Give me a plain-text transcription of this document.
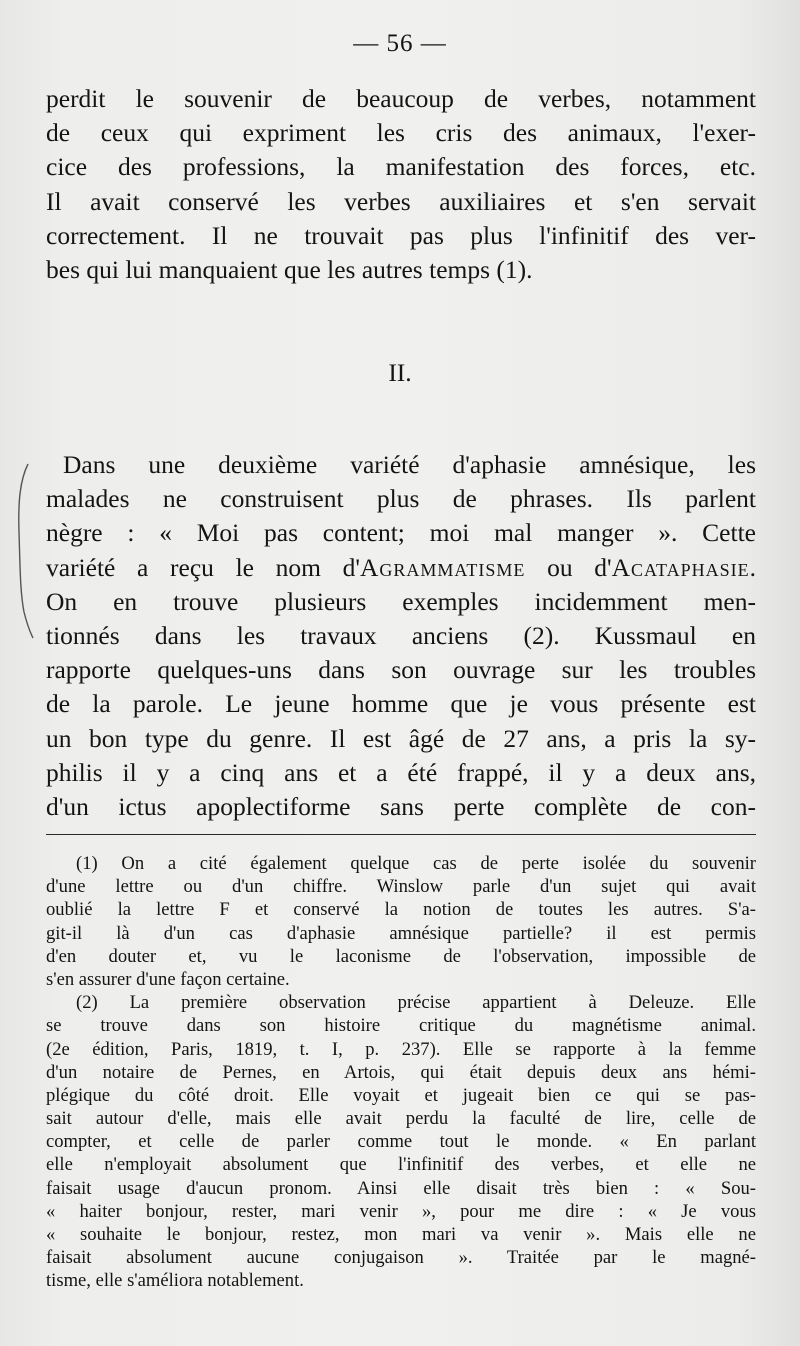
— 56 —

perdit le souvenir de beaucoup de verbes, notamment
de ceux qui expriment les cris des animaux, l'exer-
cice des professions, la manifestation des forces, etc.
Il avait conservé les verbes auxiliaires et s'en servait
correctement. Il ne trouvait pas plus l'infinitif des ver-
bes qui lui manquaient que les autres temps (1).

II.

Dans une deuxième variété d'aphasie amnésique, les
malades ne construisent plus de phrases. Ils parlent
nègre : « Moi pas content; moi mal manger ». Cette
variété a reçu le nom d'Agrammatisme ou d'Acataphasie.
On en trouve plusieurs exemples incidemment men-
tionnés dans les travaux anciens (2). Kussmaul en
rapporte quelques-uns dans son ouvrage sur les troubles
de la parole. Le jeune homme que je vous présente est
un bon type du genre. Il est âgé de 27 ans, a pris la sy-
philis il y a cinq ans et a été frappé, il y a deux ans,
d'un ictus apoplectiforme sans perte complète de con-

(1) On a cité également quelque cas de perte isolée du souvenir
d'une lettre ou d'un chiffre. Winslow parle d'un sujet qui avait
oublié la lettre F et conservé la notion de toutes les autres. S'a-
git-il là d'un cas d'aphasie amnésique partielle? il est permis
d'en douter et, vu le laconisme de l'observation, impossible de
s'en assurer d'une façon certaine.
(2) La première observation précise appartient à Deleuze. Elle
se trouve dans son histoire critique du magnétisme animal.
(2e édition, Paris, 1819, t. I, p. 237). Elle se rapporte à la femme
d'un notaire de Pernes, en Artois, qui était depuis deux ans hémi-
plégique du côté droit. Elle voyait et jugeait bien ce qui se pas-
sait autour d'elle, mais elle avait perdu la faculté de lire, celle de
compter, et celle de parler comme tout le monde. « En parlant
elle n'employait absolument que l'infinitif des verbes, et elle ne
faisait usage d'aucun pronom. Ainsi elle disait très bien : « Sou-
« haiter bonjour, rester, mari venir », pour me dire : « Je vous
« souhaite le bonjour, restez, mon mari va venir ». Mais elle ne
faisait absolument aucune conjugaison ». Traitée par le magné-
tisme, elle s'améliora notablement.
